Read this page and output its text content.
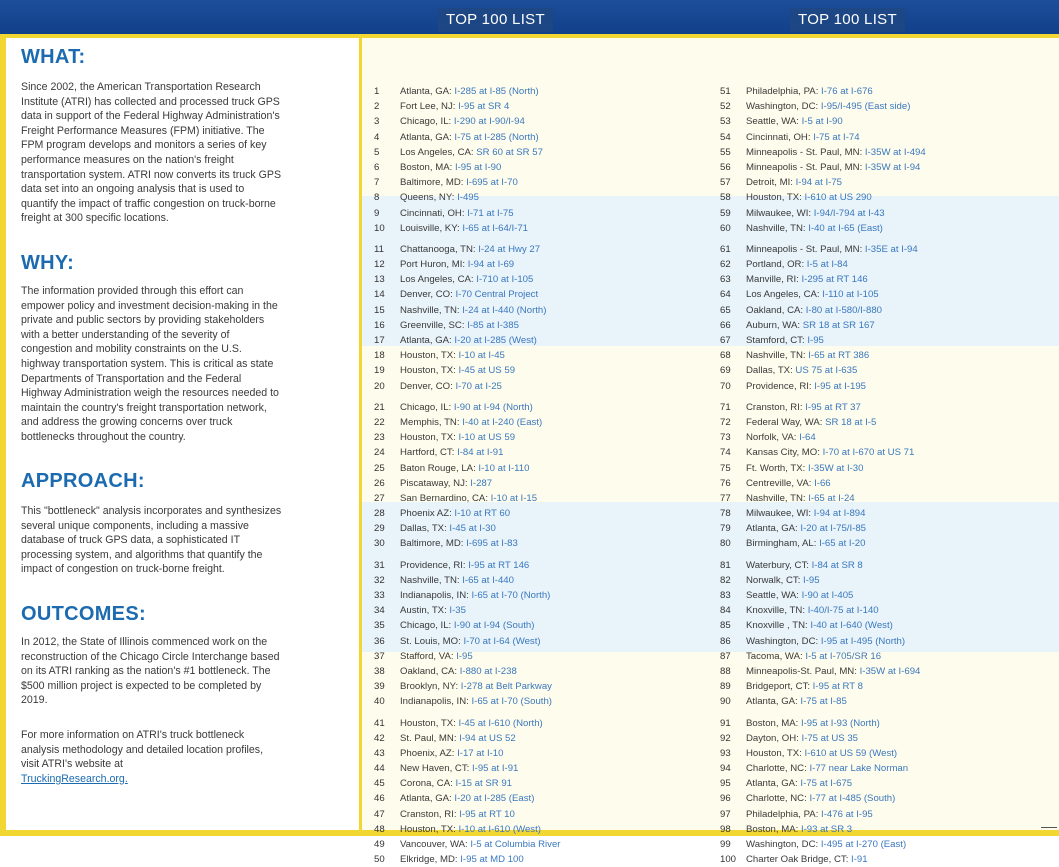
TOP 100 LIST	TOP 100 LIST
WHAT:

Since 2002, the American Transportation Research Institute (ATRI) has collected and processed truck GPS data in support of the Federal Highway Administration's Freight Performance Measures (FPM) initiative. The FPM program develops and monitors a series of key performance measures on the nation's freight transportation system. ATRI now converts its truck GPS data set into an ongoing analysis that is used to quantify the impact of traffic congestion on truck-borne freight at 300 specific locations.

WHY:

The information provided through this effort can empower policy and investment decision-making in the private and public sectors by providing stakeholders with a better understanding of the severity of congestion and mobility constraints on the U.S. highway transportation system. This is critical as state Departments of Transportation and the Federal Highway Administration weigh the resources needed to maintain the country's freight transportation network, and address the growing concerns over truck bottlenecks throughout the country.

APPROACH:

This "bottleneck" analysis incorporates and synthesizes several unique components, including a massive database of truck GPS data, a sophisticated IT processing system, and algorithms that quantify the impact of congestion on truck-borne freight.

OUTCOMES:

In 2012, the State of Illinois commenced work on the reconstruction of the Chicago Circle Interchange based on its ATRI ranking as the nation's #1 bottleneck. The $500 million project is expected to be completed by 2019.

For more information on ATRI's truck bottleneck analysis methodology and detailed location profiles, visit ATRI's website at
TruckingResearch.org.

1 Atlanta, GA: I-285 at I-85 (North)
2 Fort Lee, NJ: I-95 at SR 4
3 Chicago, IL: I-290 at I-90/I-94
4 Atlanta, GA: I-75 at I-285 (North)
5 Los Angeles, CA: SR 60 at SR 57
6 Boston, MA: I-95 at I-90
7 Baltimore, MD: I-695 at I-70
8 Queens, NY: I-495
9 Cincinnati, OH: I-71 at I-75
10 Louisville, KY: I-65 at I-64/I-71
11 Chattanooga, TN: I-24 at Hwy 27
12 Port Huron, MI: I-94 at I-69
13 Los Angeles, CA: I-710 at I-105
14 Denver, CO: I-70 Central Project
15 Nashville, TN: I-24 at I-440 (North)
16 Greenville, SC: I-85 at I-385
17 Atlanta, GA: I-20 at I-285 (West)
18 Houston, TX: I-10 at I-45
19 Houston, TX: I-45 at US 59
20 Denver, CO: I-70 at I-25
21 Chicago, IL: I-90 at I-94 (North)
22 Memphis, TN: I-40 at I-240 (East)
23 Houston, TX: I-10 at US 59
24 Hartford, CT: I-84 at I-91
25 Baton Rouge, LA: I-10 at I-110
26 Piscataway, NJ: I-287
27 San Bernardino, CA: I-10 at I-15
28 Phoenix AZ: I-10 at RT 60
29 Dallas, TX: I-45 at I-30
30 Baltimore, MD: I-695 at I-83
31 Providence, RI: I-95 at RT 146
32 Nashville, TN: I-65 at I-440
33 Indianapolis, IN: I-65 at I-70 (North)
34 Austin, TX: I-35
35 Chicago, IL: I-90 at I-94 (South)
36 St. Louis, MO: I-70 at I-64 (West)
37 Stafford, VA: I-95
38 Oakland, CA: I-880 at I-238
39 Brooklyn, NY: I-278 at Belt Parkway
40 Indianapolis, IN: I-65 at I-70 (South)
41 Houston, TX: I-45 at I-610 (North)
42 St. Paul, MN: I-94 at US 52
43 Phoenix, AZ: I-17 at I-10
44 New Haven, CT: I-95 at I-91
45 Corona, CA: I-15 at SR 91
46 Atlanta, GA: I-20 at I-285 (East)
47 Cranston, RI: I-95 at RT 10
48 Houston, TX: I-10 at I-610 (West)
49 Vancouver, WA: I-5 at Columbia River
50 Elkridge, MD: I-95 at MD 100
51 Philadelphia, PA: I-76 at I-676
52 Washington, DC: I-95/I-495 (East side)
53 Seattle, WA: I-5 at I-90
54 Cincinnati, OH: I-75 at I-74
55 Minneapolis - St. Paul, MN: I-35W at I-494
56 Minneapolis - St. Paul, MN: I-35W at I-94
57 Detroit, MI: I-94 at I-75
58 Houston, TX: I-610 at US 290
59 Milwaukee, WI: I-94/I-794 at I-43
60 Nashville, TN: I-40 at I-65 (East)
61 Minneapolis - St. Paul, MN: I-35E at I-94
62 Portland, OR: I-5 at I-84
63 Manville, RI: I-295 at RT 146
64 Los Angeles, CA: I-110 at I-105
65 Oakland, CA: I-80 at I-580/I-880
66 Auburn, WA: SR 18 at SR 167
67 Stamford, CT: I-95
68 Nashville, TN: I-65 at RT 386
69 Dallas, TX: US 75 at I-635
70 Providence, RI: I-95 at I-195
71 Cranston, RI: I-95 at RT 37
72 Federal Way, WA: SR 18 at I-5
73 Norfolk, VA: I-64
74 Kansas City, MO: I-70 at I-670 at US 71
75 Ft. Worth, TX: I-35W at I-30
76 Centreville, VA: I-66
77 Nashville, TN: I-65 at I-24
78 Milwaukee, WI: I-94 at I-894
79 Atlanta, GA: I-20 at I-75/I-85
80 Birmingham, AL: I-65 at I-20
81 Waterbury, CT: I-84 at SR 8
82 Norwalk, CT: I-95
83 Seattle, WA: I-90 at I-405
84 Knoxville, TN: I-40/I-75 at I-140
85 Knoxville , TN: I-40 at I-640 (West)
86 Washington, DC: I-95 at I-495 (North)
87 Tacoma, WA: I-5 at I-705/SR 16
88 Minneapolis-St. Paul, MN: I-35W at I-694
89 Bridgeport, CT: I-95 at RT 8
90 Atlanta, GA: I-75 at I-85
91 Boston, MA: I-95 at I-93 (North)
92 Dayton, OH: I-75 at US 35
93 Houston, TX: I-610 at US 59 (West)
94 Charlotte, NC: I-77 near Lake Norman
95 Atlanta, GA: I-75 at I-675
96 Charlotte, NC: I-77 at I-485 (South)
97 Philadelphia, PA: I-476 at I-95
98 Boston, MA: I-93 at SR 3
99 Washington, DC: I-495 at I-270 (East)
100 Charter Oak Bridge, CT: I-91
